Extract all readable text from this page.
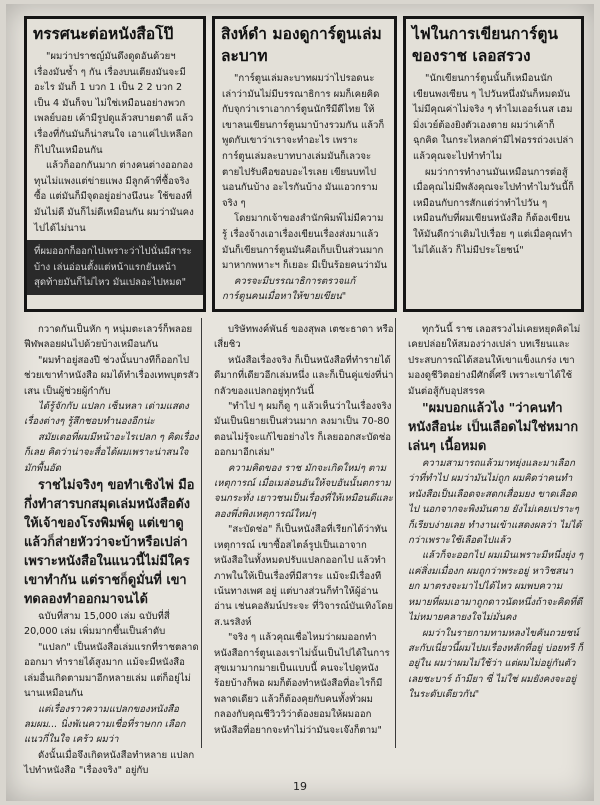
ทรรศนะต่อหนังสือโป๊

"ผมว่าปราชญ์มันดึงดูดอันด้วยฯ เรื่องมันซ้ำ ๆ กัน เรื่องบนเตียงมันจะมีอะไร มันก็ 1 บวก 1 เป็น 2 2 บวก 2 เป็น 4 มันก็จบ ไม่ใช่เหมือนอย่างพวกเพลย์บอย เค้ามีรูปดูแล้วสบายตาดี แล้วเรื่องที่กันมันก็น่าสนใจ เอาแค่ไปเหลือกก็ไปในเหมือนกัน

แล้วก็ออกกันมาก ต่างคนต่างออกองทุนไม่แพงแต่ข่ายแพง มีลูกค้าที่ซื้อจริงซื้อ แต่มันก็มีจุดอยู่อย่างนึงนะ ใช้ของที่มันไม่ดี มันก็ไม่ดีเหมือนกัน ผมว่ามันคงไปได้ไม่นาน

ที่ผมออกก็ออกไปเพราะว่าไปนั่นมีสาระบ้าง เล่นอ่อนตั้งแต่หน้าแรกยันหน้าสุดท้ายมันก็ไม่ไหว มันเปลอะไปหมด"
สิงห์ดำ มองดูการ์ตูนเล่มละบาท

"การ์ตูนเล่มละบาทผมว่าไปรอดนะ เล่าว่ามันไม่มีบรรณาธิการ ผมก็เคยคิดกับจุกว่าเราเอาการ์ตูนนักรีมีดีไทย ให้เขาลนเขียนการ์ตูนมาบ้างรวมกัน แล้วก็พูดกับเขาว่าเราจะทำอะไร เพราะการ์ตูนเล่มละบาทบางเล่มมันก็เลวจะตายไปรับคือขอบอะไรเลย เขียนบทไป นอนกันบ้าง อะไรกันบ้าง มันแอวกรามจริง ๆ

โดยมากเจ้าของสำนักพิมพ์ไม่มีความรู้ เรื่องจ้างเอาเรื่องเขียนเรื่องส่งมาแล้วมันก็เขียนการ์ตูนมันคือเก็บเป็นส่วนมาก มาหากพหาะฯ ก็เยอะ มีเป็นร้อยคนว่ามัน

ควรจะมีบรรณาธิการตรวจแก้ การ์ตูนคนเมื่อหาให้ขายเขียน"

ไฟในการเขียนการ์ตูน ของราช เลอสรวง

"นักเขียนการ์ตูนนั้นก็เหมือนนักเขียนพงเซียน ๆ ไปวันหนึ่งมันก็หมดมันไม่มีคุณค่าไม่จริง ๆ ทำไมเออร์เนส เฮมมิ่งเวย์ต้องยิงตัวเองตาย ผมว่าเค้าก็ฉุกคิด ในกระไหลกค่ามีไฟอรรถ่วงเปล่า แล้วคุณจะไปทำทำไม

ผมว่าการทำงานมันเหมือนการต่อสู้ เมื่อคุณไม่มีพลังคุณจะไปทำทำไมวันนี้ก็เหมือนกับการสักแต่ว่าทำไปวัน ๆ เหมือนกับที่ผมเขียนหนังสือ ก็ต้องเขียนให้มันดีกว่าเดิมไปเรื่อย ๆ แต่เมื่อคุณทำไม่ได้แล้ว ก็ไม่มีประโยชน์"

กวาดกันเป็นหัก ๆ หนุ่มตะเลวร์ก็พลอยฟีฬพลอยฝนไปด้วยบ้างเหมือนกัน

"ผมทำอยู่สองปี ช่วงนั้นบางทีก็ออกไปช่วยเขาทำหนังสือ ผมได้ทำเรื่องเทพบุตรสัวเสน เป็นผู้ช่วยผู้กำกับ

ได้รู้จักกับ แปลก เซ็นหลา เด่ามแสดงเรื่องต่างๆ รู้สึกชอบทำนองอีกน่ะ

สมัยเดอที่ผมมีหน้าอะไรเปลก ๆ คิดเรื่อง ก็เลย คิดว่าน่าจะสื่อได้ผมเพราะน่าสนใจ มักพื้นอัด

ราชไม่จริงๆ ขอทำเชิงไพ่ มือกึ่งทำสารบกสมุดเล่มหนังสือดังให้เจ้าของโรงพิมพ์ดู แต่เขาดูแล้วก็ส่ายหัวว่าจะบ้าหรือเปล่า เพราะหนังสือในแนวนี้ไม่มีใครเขาทำกัน แต่ราชก็ดูมั่นที่ เขาทดลองทำออกมาจนได้

ฉบับที่สาม 15,000 เล่ม ฉบับที่สี่ 20,000 เล่ม เพิ่มมากขึ้นเป็นลำดับ

"แปลก" เป็นหนังสือเล่มแรกที่ราชตลาดออกมา ทำรายได้สูงมาก แม้จะมีหนังสือเล่มอื่นเกิดตามมาอีกหลายเล่ม แต่ก็อยู่ไม่นานเหมือนกัน

แต่เรื่องราวความแปลกของหนังสือ ลมผม... นิ่งพัเนความเชื่อที่ราษกก เลือกแนวกี่ในใจ เคร้ว ผมว่า

ดังนั้นเมื่อจึงเกิดหนังสือทำหลาย แปลกไปทำหนังสือ "เรื่องจริง" อยู่กับ

บริษัทพงค์พันธ์ ของสุพล เตชะธาดา หรือเสี่ยชิว

หนังสือเรื่องจริง ก็เป็นหนังสือที่ทำรายได้ดีมากที่เดียวอีกเล่มหนึ่ง และก็เป็นคู่แข่งที่น่ากลัวของแปลกอยู่ทุกวันนี้

"ทำไป ๆ ผมก็ดู ๆ แล้วเห็นว่าในเรื่องจริงมันเป็นนิยายเป็นส่วนมาก ลงมาเป็น 70-80 ตอนไม่รู้จะแก้ไขอย่างไร ก็เลยออกสะบัดช่อออกมาอีกเล่ม"

ความคิดของ ราช มักจะเกิดใหม่ๆ ตามเหตุการณ์ เมื่อเมล่อนอันให้จบอันนั้นตกราม จนกระทั่ง เยาวชนเป็นเรื่องที่ให้เหมือนดีและลองพึ่งพิงเหตุการณ์ใหม่ๆ

"สะบัดช่อ" ก็เป็นหนังสือที่เรียกได้ว่าทันเหตุการณ์ เขาซื้อสไตล์รูปเป็นเอาจากหนังสือในทั้งหมดปรับแปลกออกไป แล้วทำภาพในให้เป็นเรื่องที่มีสาระ แม้จะมีเรื่องทีเน้นทางเพศ อยู่ แต่บางส่วนก็ทำให้ผู้อ่านอ่าน เช่นคอลัมน์ประจะ ที่วิจารณ์บันเทิงโดย ส.นรสิงห์

"จริง ๆ แล้วคุณเชื่อไหมว่าผมออกทำหนังสือการ์ตูนเองเราไม่นั้นเป็นไปได้ในการสุขเมามากมายเป็นแบบนี้ คนจะไปดูหนังร้อยบ้างก็พอ ผมก็ต้องทำหนังสือที่อะไรก็มีพลาดเดียว แล้วก็ต้องคุยกับคนทั้งทั่วผมกลองกับคุณชีวิววิว่าต้องยอมให้ผมออกหนังสือที่อยากจะทำไม่ว่ามันจะเจ๊งก็ตาม"

ทุกวันนี้ ราช เลอสรวงไม่เคยหยุดคิดไม่เคยปล่อยให้สมองว่างเปล่า บทเรียนและประสบการณ์ได้สอนให้เขาแข็งแกร่ง เขามองดูชีวิตอย่างมีศักดิ์ศรี เพราะเขาได้ใช้มันต่อสู้กับอุปสรรค

"ผมบอกแล้วไง "ว่าคนทำหนังสือน่ะ เป็นเลือดไม่ใช่หมากเล่นๆ เนื้อหมด

ความสามารถแล้วมาทยุ่งและมาเลือกว่าที่ทำไป ผมว่ามันไม่ถูก ผมคิดว่าคนทำหนังสือเป็นเลือดจะสดกเสื่อมยง ขาดเลือดไป นอกจากจะพิงมันตาย ยังไม่เคยเปราะๆ ก็เรียบง่ายเลย ทำงานเข้าแสดงผลว่า ไม่ได้กว่าเพราะใช้เลือดไปแล้ว

แล้วก็จะออกไป ผมเมินเพราะมีหนึ่งยุ่ง ๆ แค่สิ่งมเมื่องก ผมถูกว่าพระอยู่ หาวิชสนายก มาตรงจะมาไปได้ไหว ผมพบความหมายที่ผมเอามาถูกดาวนัดหนึ่งถ้าจะคิดที่ดีไม่หมายคลายงใจไม่มั่นคง

ผมว่าในรายกามทามหลงไขคันถวยชน์สะกับเนี่ยวนี้ผมไปมเรื่องหลักที่อยู่ บ่อยทรี ก็อยู่ใน ผมว่าผมไม่ใช้ว่า แต่ผมไม่อยู่กันตัวเลยชะบาร์ ถ้ามียา ซี่ ไม่ใช่ ผมยังคงจะอยู่ในระดับเดียวกัน"

19
